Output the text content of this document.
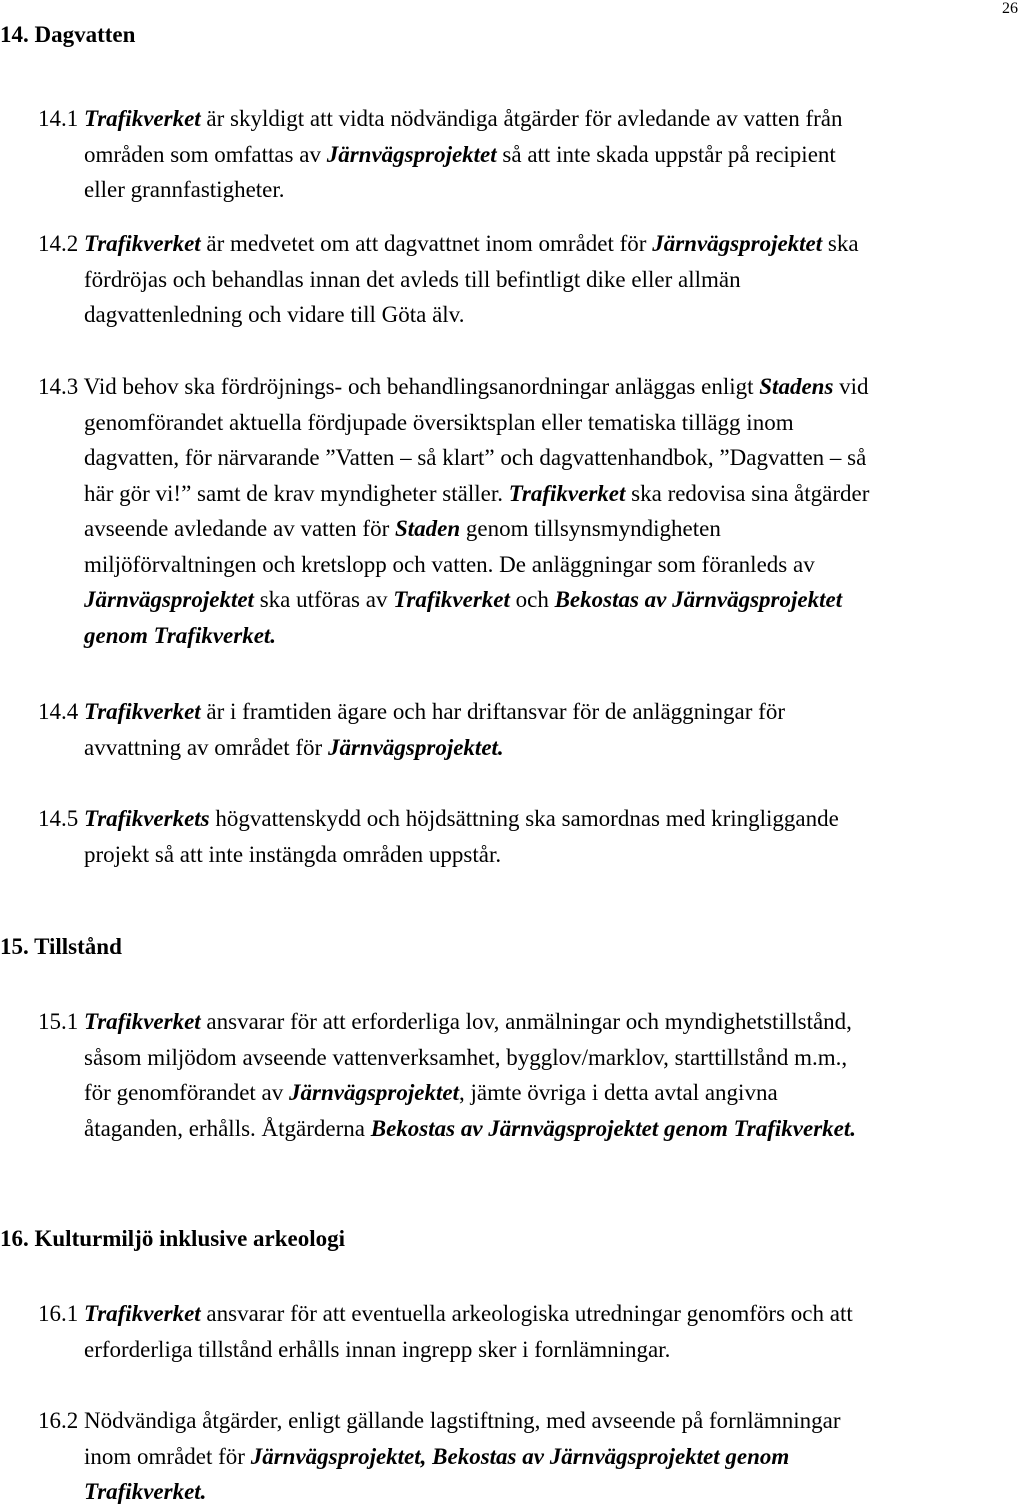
26
14. Dagvatten
14.1 Trafikverket är skyldigt att vidta nödvändiga åtgärder för avledande av vatten från
områden som omfattas av Järnvägsprojektet så att inte skada uppstår på recipient
eller grannfastigheter.
14.2 Trafikverket är medvetet om att dagvattnet inom området för Järnvägsprojektet ska
fördröjas och behandlas innan det avleds till befintligt dike eller allmän
dagvattenledning och vidare till Göta älv.
14.3 Vid behov ska fördröjnings- och behandlingsanordningar anläggas enligt Stadens vid
genomförandet aktuella fördjupade översiktsplan eller tematiska tillägg inom
dagvatten, för närvarande ”Vatten – så klart” och dagvattenhandbok, ”Dagvatten – så
här gör vi!” samt de krav myndigheter ställer. Trafikverket ska redovisa sina åtgärder
avseende avledande av vatten för Staden genom tillsynsmyndigheten
miljöförvaltningen och kretslopp och vatten. De anläggningar som föranleds av
Järnvägsprojektet ska utföras av Trafikverket och Bekostas av Järnvägsprojektet
genom Trafikverket.
14.4 Trafikverket är i framtiden ägare och har driftansvar för de anläggningar för
avvattning av området för Järnvägsprojektet.
14.5 Trafikverkets högvattenskydd och höjdsättning ska samordnas med kringliggande
projekt så att inte instängda områden uppstår.
15. Tillstånd
15.1 Trafikverket ansvarar för att erforderliga lov, anmälningar och myndighetstillstånd,
såsom miljödom avseende vattenverksamhet, bygglov/marklov, starttillstånd m.m.,
för genomförandet av Järnvägsprojektet, jämte övriga i detta avtal angivna
åtaganden, erhålls. Åtgärderna Bekostas av Järnvägsprojektet genom Trafikverket.
16. Kulturmiljö inklusive arkeologi
16.1 Trafikverket ansvarar för att eventuella arkeologiska utredningar genomförs och att
erforderliga tillstånd erhålls innan ingrepp sker i fornlämningar.
16.2 Nödvändiga åtgärder, enligt gällande lagstiftning, med avseende på fornlämningar
inom området för Järnvägsprojektet, Bekostas av Järnvägsprojektet genom
Trafikverket.
